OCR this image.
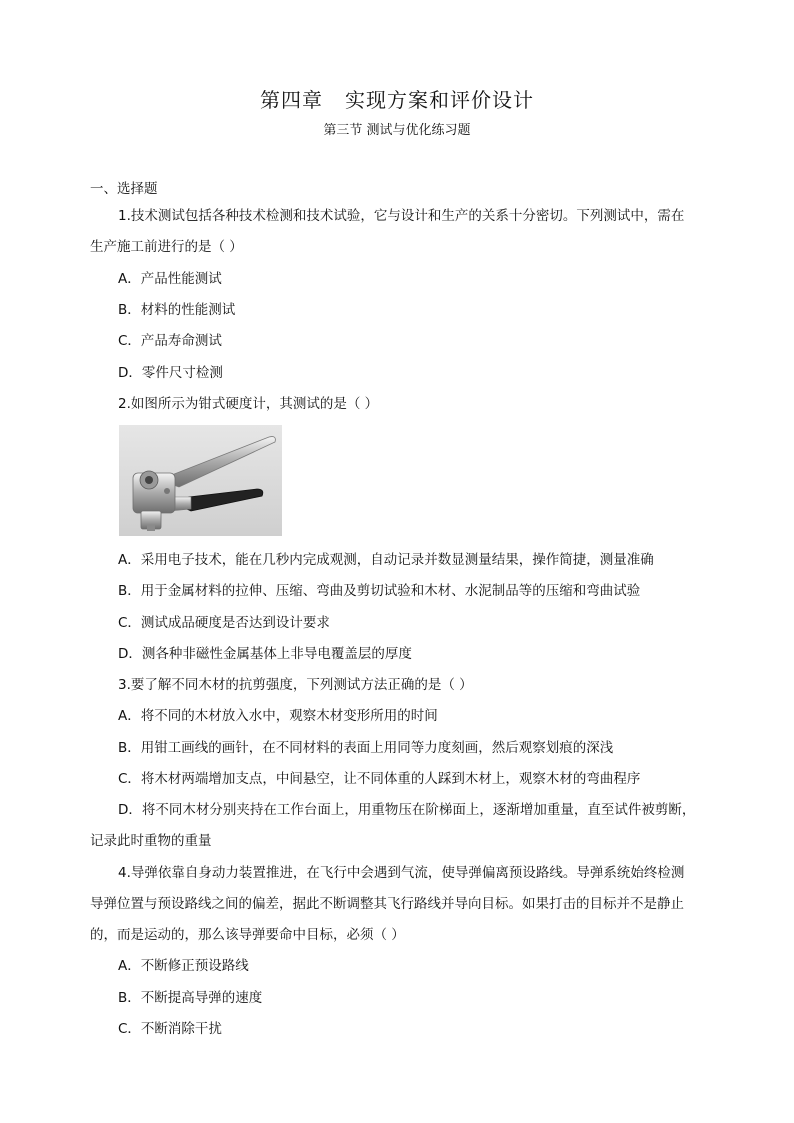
第四章 实现方案和评价设计
第三节 测试与优化练习题
一、选择题
1.技术测试包括各种技术检测和技术试验，它与设计和生产的关系十分密切。下列测试中，需在
生产施工前进行的是（ ）
A．产品性能测试
B．材料的性能测试
C．产品寿命测试
D．零件尺寸检测
2.如图所示为钳式硬度计，其测试的是（ ）
A．采用电子技术，能在几秒内完成观测，自动记录并数显测量结果，操作简捷，测量准确
B．用于金属材料的拉伸、压缩、弯曲及剪切试验和木材、水泥制品等的压缩和弯曲试验
C．测试成品硬度是否达到设计要求
D．测各种非磁性金属基体上非导电覆盖层的厚度
3.要了解不同木材的抗剪强度，下列测试方法正确的是（ ）
A．将不同的木材放入水中，观察木材变形所用的时间
B．用钳工画线的画针，在不同材料的表面上用同等力度刻画，然后观察划痕的深浅
C．将木材两端增加支点，中间悬空，让不同体重的人踩到木材上，观察木材的弯曲程序
D．将不同木材分别夹持在工作台面上，用重物压在阶梯面上，逐渐增加重量，直至试件被剪断，
记录此时重物的重量
4.导弹依靠自身动力装置推进，在飞行中会遇到气流，使导弹偏离预设路线。导弹系统始终检测
导弹位置与预设路线之间的偏差，据此不断调整其飞行路线并导向目标。如果打击的目标并不是静止
的，而是运动的，那么该导弹要命中目标，必须（ ）
A．不断修正预设路线
B．不断提高导弹的速度
C．不断消除干扰
